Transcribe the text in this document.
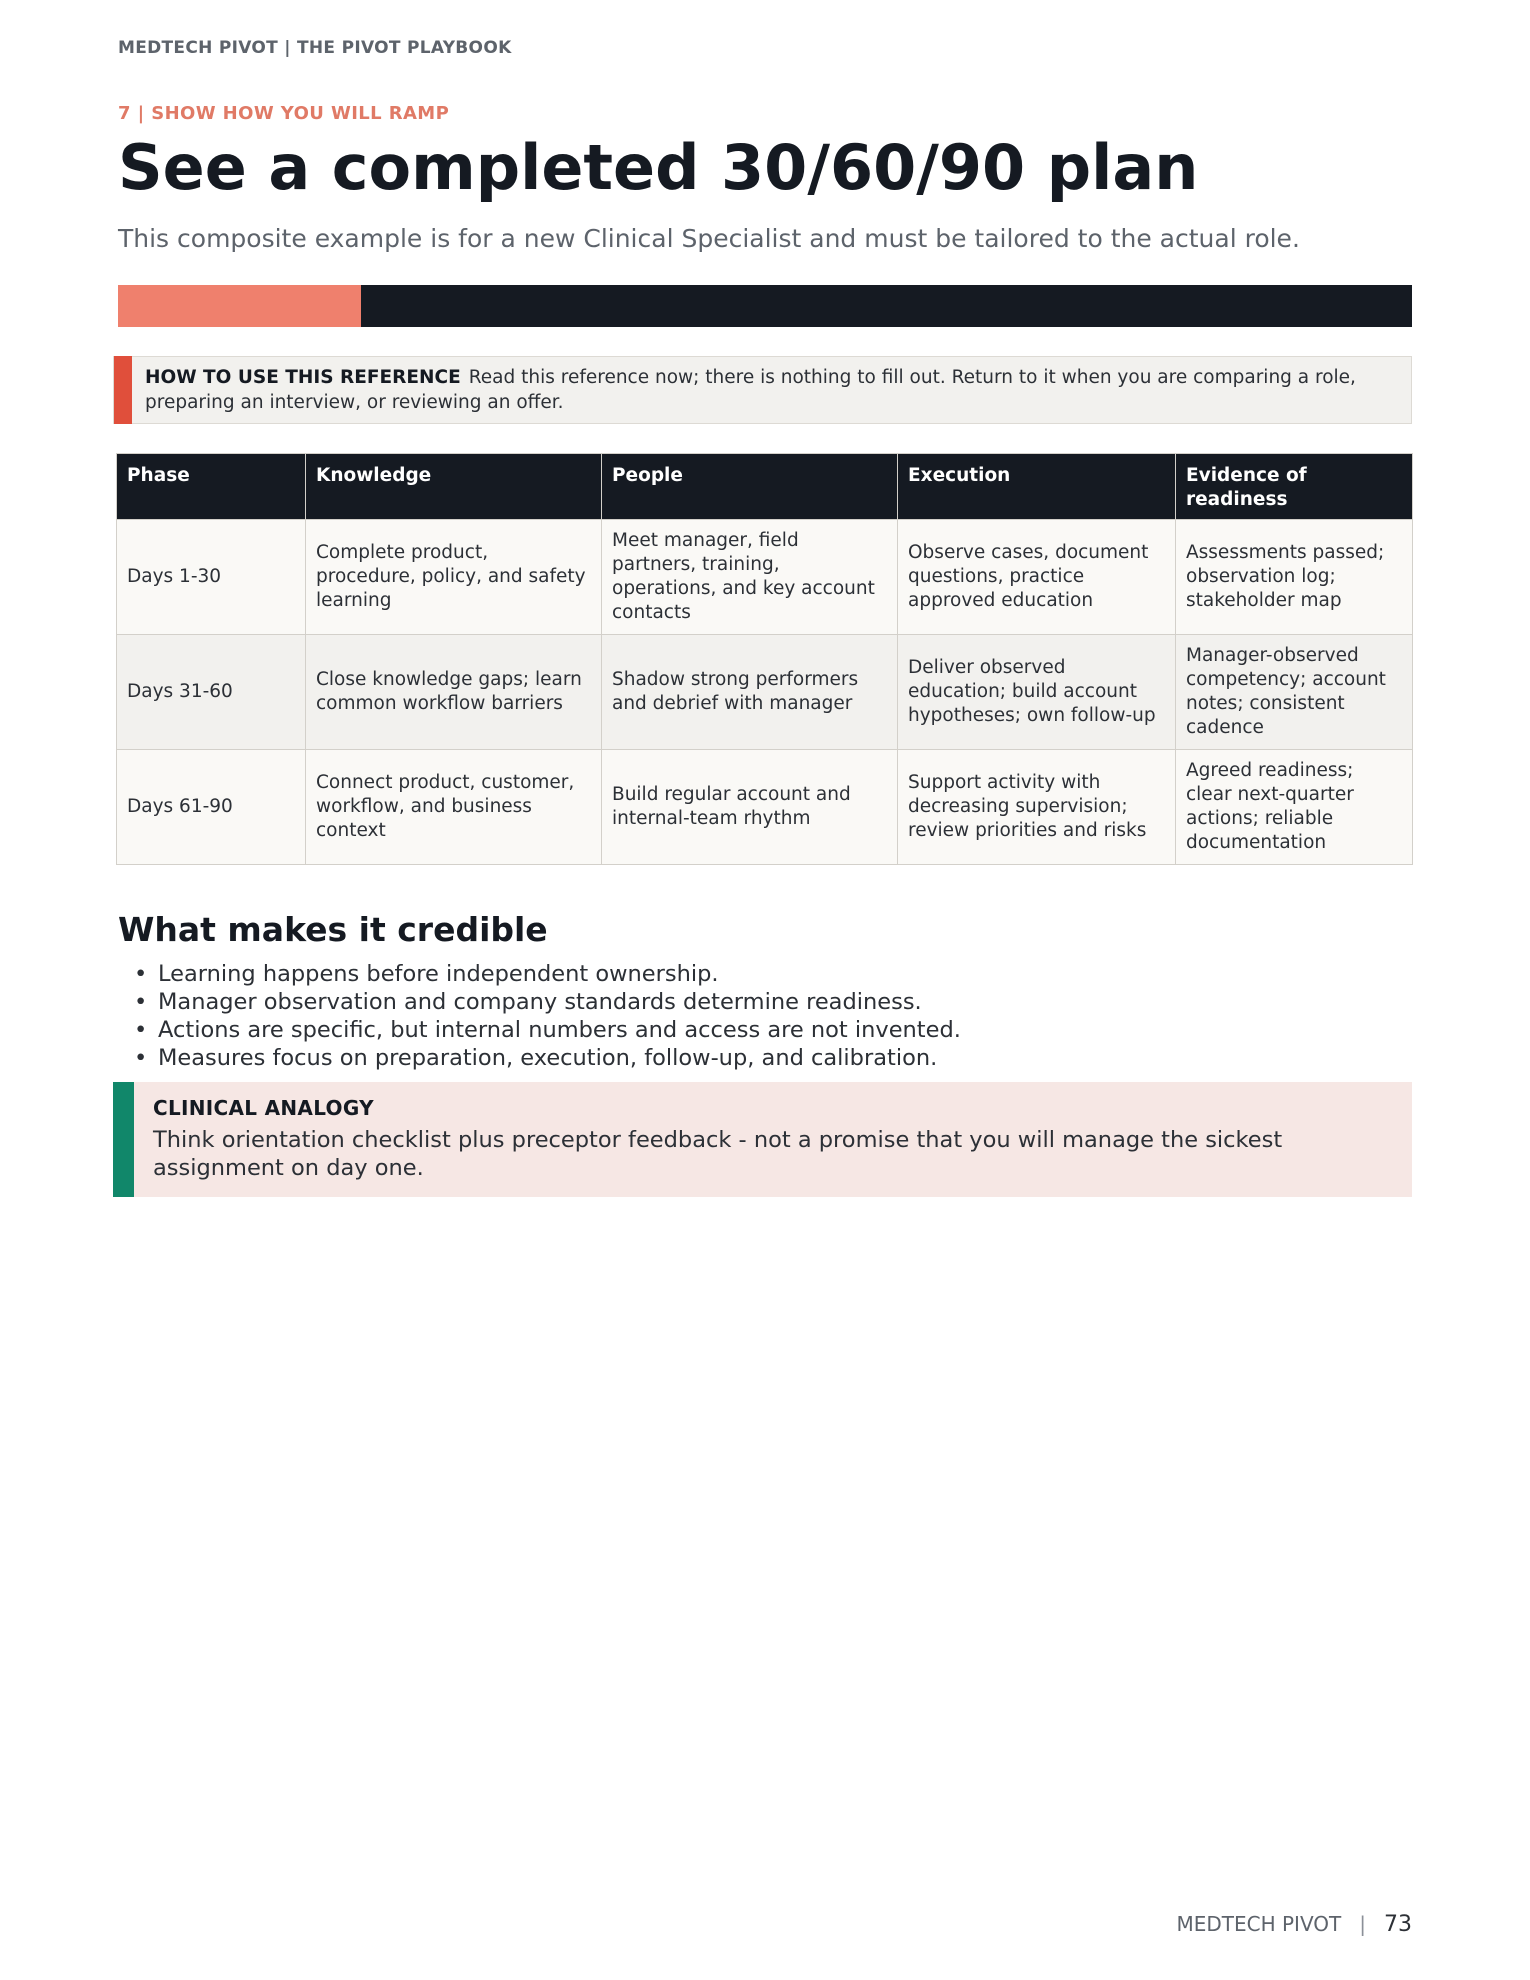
MEDTECH PIVOT | THE PIVOT PLAYBOOK
7 | SHOW HOW YOU WILL RAMP
See a completed 30/60/90 plan
This composite example is for a new Clinical Specialist and must be tailored to the actual role.
HOW TO USE THIS REFERENCE Read this reference now; there is nothing to fill out. Return to it when you are comparing a role, preparing an interview, or reviewing an offer.
Phase	Knowledge	People	Execution	Evidence of readiness
Days 1-30	Complete product, procedure, policy, and safety learning	Meet manager, field partners, training, operations, and key account contacts	Observe cases, document questions, practice approved education	Assessments passed; observation log; stakeholder map
Days 31-60	Close knowledge gaps; learn common workflow barriers	Shadow strong performers and debrief with manager	Deliver observed education; build account hypotheses; own follow-up	Manager-observed competency; account notes; consistent cadence
Days 61-90	Connect product, customer, workflow, and business context	Build regular account and internal-team rhythm	Support activity with decreasing supervision; review priorities and risks	Agreed readiness; clear next-quarter actions; reliable documentation
What makes it credible
• Learning happens before independent ownership.
• Manager observation and company standards determine readiness.
• Actions are specific, but internal numbers and access are not invented.
• Measures focus on preparation, execution, follow-up, and calibration.
CLINICAL ANALOGY
Think orientation checklist plus preceptor feedback - not a promise that you will manage the sickest assignment on day one.
MEDTECH PIVOT | 73
